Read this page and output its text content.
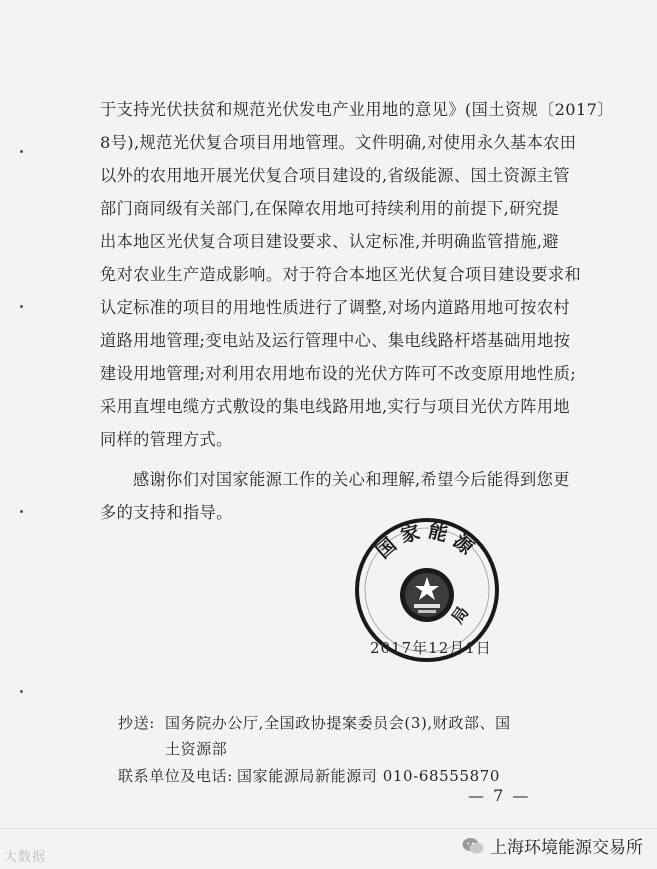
于支持光伏扶贫和规范光伏发电产业用地的意见》(国土资规〔2017〕
8号),规范光伏复合项目用地管理。文件明确,对使用永久基本农田
以外的农用地开展光伏复合项目建设的,省级能源、国土资源主管
部门商同级有关部门,在保障农用地可持续利用的前提下,研究提
出本地区光伏复合项目建设要求、认定标准,并明确监管措施,避
免对农业生产造成影响。对于符合本地区光伏复合项目建设要求和
认定标准的项目的用地性质进行了调整,对场内道路用地可按农村
道路用地管理;变电站及运行管理中心、集电线路杆塔基础用地按
建设用地管理;对利用农用地布设的光伏方阵可不改变原用地性质;
采用直埋电缆方式敷设的集电线路用地,实行与项目光伏方阵用地
同样的管理方式。
感谢你们对国家能源工作的关心和理解,希望今后能得到您更
多的支持和指导。
国家能源
局
2017年12月1日
抄送: 国务院办公厅,全国政协提案委员会(3),财政部、国
土资源部
联系单位及电话: 国家能源局新能源司 010-68555870
— 7 —
大数据	上海环境能源交易所
